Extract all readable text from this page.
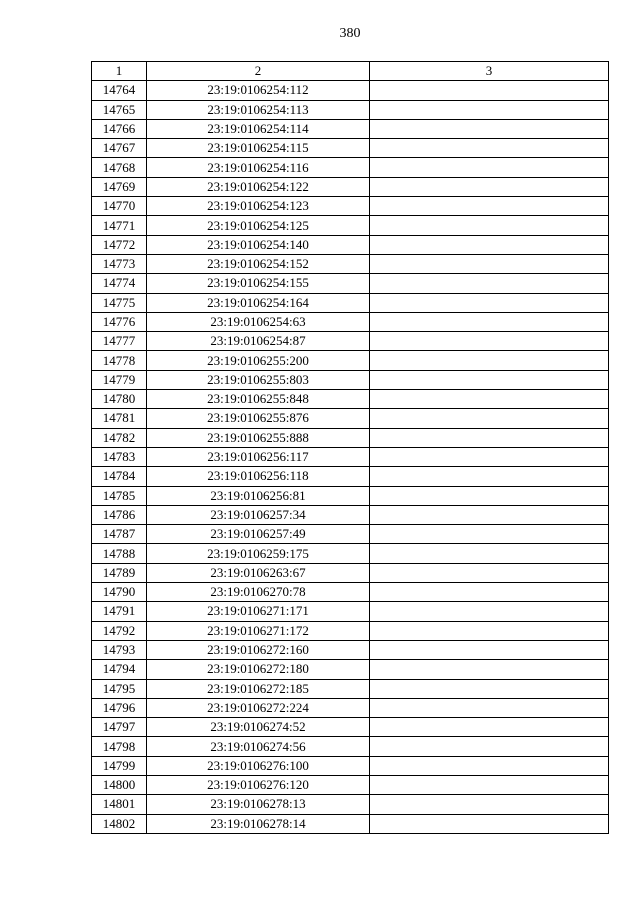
380
1	2	3
14764	23:19:0106254:112	
14765	23:19:0106254:113	
14766	23:19:0106254:114	
14767	23:19:0106254:115	
14768	23:19:0106254:116	
14769	23:19:0106254:122	
14770	23:19:0106254:123	
14771	23:19:0106254:125	
14772	23:19:0106254:140	
14773	23:19:0106254:152	
14774	23:19:0106254:155	
14775	23:19:0106254:164	
14776	23:19:0106254:63	
14777	23:19:0106254:87	
14778	23:19:0106255:200	
14779	23:19:0106255:803	
14780	23:19:0106255:848	
14781	23:19:0106255:876	
14782	23:19:0106255:888	
14783	23:19:0106256:117	
14784	23:19:0106256:118	
14785	23:19:0106256:81	
14786	23:19:0106257:34	
14787	23:19:0106257:49	
14788	23:19:0106259:175	
14789	23:19:0106263:67	
14790	23:19:0106270:78	
14791	23:19:0106271:171	
14792	23:19:0106271:172	
14793	23:19:0106272:160	
14794	23:19:0106272:180	
14795	23:19:0106272:185	
14796	23:19:0106272:224	
14797	23:19:0106274:52	
14798	23:19:0106274:56	
14799	23:19:0106276:100	
14800	23:19:0106276:120	
14801	23:19:0106278:13	
14802	23:19:0106278:14	
